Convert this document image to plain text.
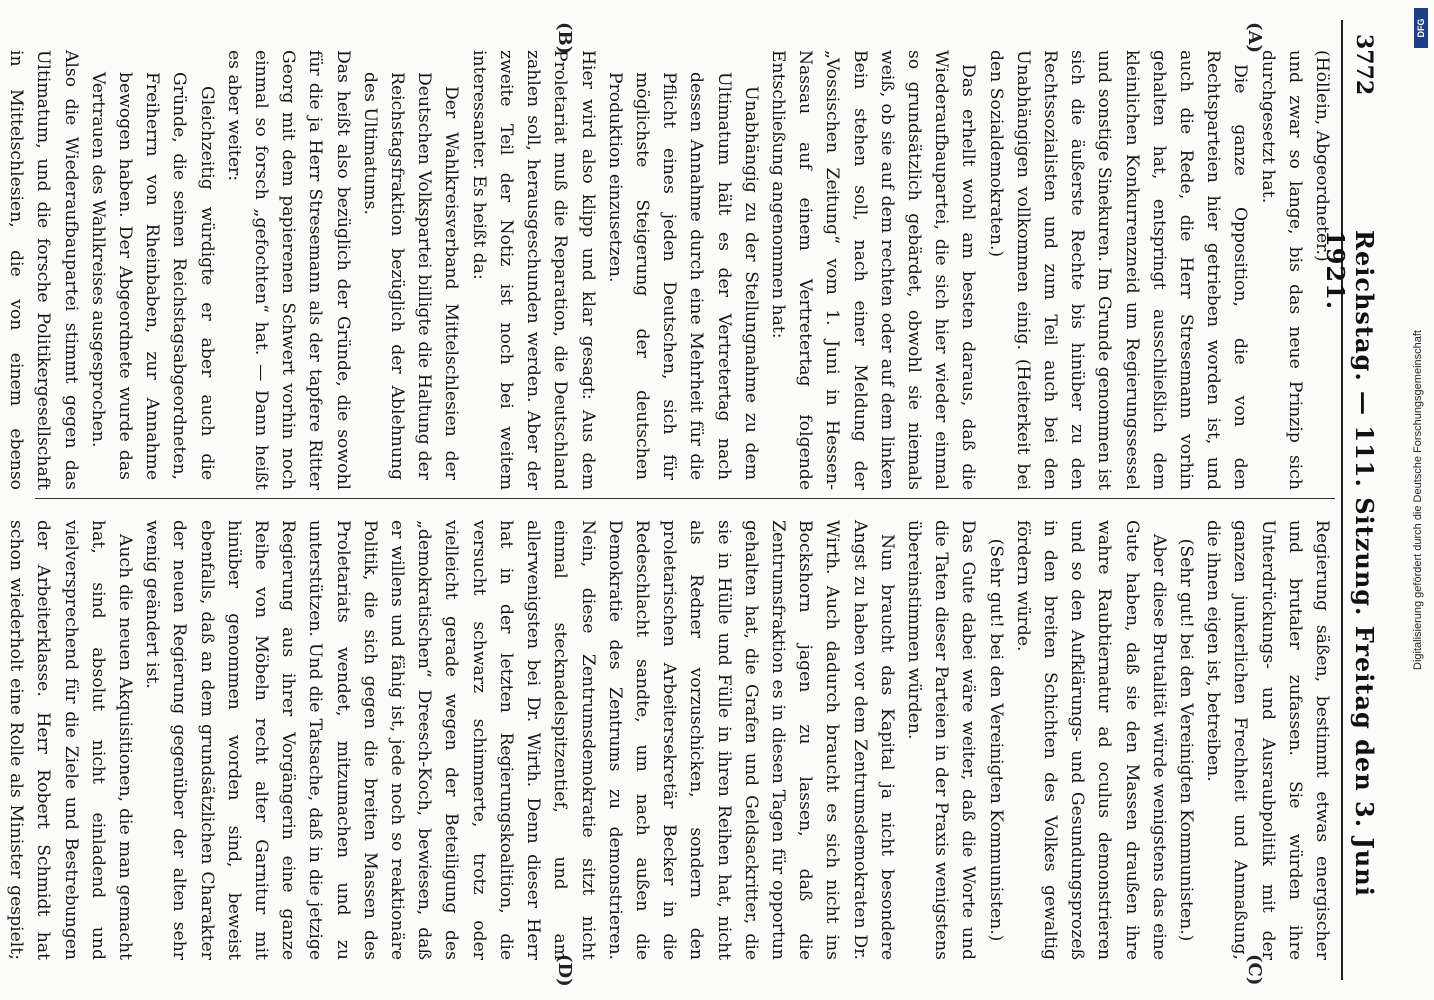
3772
Reichstag. — 111. Sitzung. Freitag den 3. Juni 1921.
(A)
(B)
(C)
(D)

(Höllein, Abgeordneter.)

und zwar so lange, bis das neue Prinzip sich durchgesetzt hat.

Die ganze Opposition, die von den Rechtsparteien hier getrieben worden ist, und auch die Rede, die Herr Stresemann vorhin gehalten hat, entspringt ausschließlich dem kleinlichen Konkurrenzneid um Regierungssessel und sonstige Sinekuren. Im Grunde genommen ist sich die äußerste Rechte bis hinüber zu den Rechtssozialisten und zum Teil auch bei den Unabhängigen vollkommen einig. (Heiterkeit bei den Sozialdemokraten.)

Das erhellt wohl am besten daraus, daß die Wiederaufbaupartei, die sich hier wieder einmal so grundsätzlich gebärdet, obwohl sie niemals weiß, ob sie auf dem rechten oder auf dem linken Bein stehen soll, nach einer Meldung der „Vossischen Zeitung“ vom 1. Juni in Hessen-Nassau auf einem Vertretertag folgende Entschließung angenommen hat:

Unabhängig zu der Stellungnahme zu dem Ultimatum hält es der Vertretertag nach dessen Annahme durch eine Mehrheit für die Pflicht eines jeden Deutschen, sich für möglichste Steigerung der deutschen Produktion einzusetzen.

Hier wird also klipp und klar gesagt: Aus dem Proletariat muß die Reparation, die Deutschland zahlen soll, herausgeschunden werden. Aber der zweite Teil der Notiz ist noch bei weitem interessanter. Es heißt da:

Der Wahlkreisverband Mittelschlesien der Deutschen Volkspartei billigte die Haltung der Reichstagsfraktion bezüglich der Ablehnung des Ultimatums.

Das heißt also bezüglich der Gründe, die sowohl für die ja Herr Stresemann als der tapfere Ritter Georg mit dem papierenen Schwert vorhin noch einmal so forsch „gefochten“ hat. — Dann heißt es aber weiter:

Gleichzeitig würdigte er aber auch die Gründe, die seinen Reichstagsabgeordneten, Freiherrn von Rheinbaben, zur Annahme bewogen haben. Der Abgeordnete wurde das Vertrauen des Wahlkreises ausgesprochen.

Also die Wiederaufbaupartei stimmt gegen das Ultimatum, und die forsche Politikergesellschaft in Mittelschlesien, die von einem ebenso

Regierung säßen, bestimmt etwas energischer und brutaler zufassen. Sie würden ihre Unterdrückungs- und Ausraubpolitik mit der ganzen junkerlichen Frechheit und Anmaßung, die ihnen eigen ist, betreiben.

(Sehr gut! bei den Vereinigten Kommunisten.)

Aber diese Brutalität würde wenigstens das eine Gute haben, daß sie den Massen draußen ihre wahre Raubtiernatur ad oculus demonstrieren und so den Aufklärungs- und Gesundungsprozeß in den breiten Schichten des Volkes gewaltig fördern würde.

(Sehr gut! bei den Vereinigten Kommunisten.)

Das Gute dabei wäre weiter, daß die Worte und die Taten dieser Parteien in der Praxis wenigstens übereinstimmen würden.

Nun braucht das Kapital ja nicht besondere Angst zu haben vor dem Zentrumsdemokraten Dr. Wirth. Auch dadurch braucht es sich nicht ins Bockshorn jagen zu lassen, daß die Zentrumsfraktion es in diesen Tagen für opportun gehalten hat, die Grafen und Geldsackritter, die sie in Hülle und Fülle in ihren Reihen hat, nicht als Redner vorzuschicken, sondern den proletarischen Arbeitersekretär Becker in die Redeschlacht sandte, um nach außen die Demokratie des Zentrums zu demonstrieren. Nein, diese Zentrumsdemokratie sitzt nicht einmal stecknadelspitzentief, und am allerwenigsten bei Dr. Wirth. Denn dieser Herr hat in der letzten Regierungskoalition, die versucht schwarz schimmerte, trotz oder vielleicht gerade wegen der Beteiligung des „demokratischen“ Dreesch-Koch, bewiesen, daß er willens und fähig ist, jede noch so reaktionäre Politik, die sich gegen die breiten Massen des Proletariats wendet, mitzumachen und zu unterstützen. Und die Tatsache, daß in die jetzige Regierung aus ihrer Vorgängerin eine ganze Reihe von Möbeln recht alter Garnitur mit hinüber genommen worden sind, beweist ebenfalls, daß an dem grundsätzlichen Charakter der neuen Regierung gegenüber der alten sehr wenig geändert ist.

Auch die neuen Akquisitionen, die man gemacht hat, sind absolut nicht einladend und vielversprechend für die Ziele und Bestrebungen der Arbeiterklasse. Herr Robert Schmidt hat schon wiederholt eine Rolle als Minister gespielt;

DFG
Digitalisierung gefördert durch die Deutsche Forschungsgemeinschaft
